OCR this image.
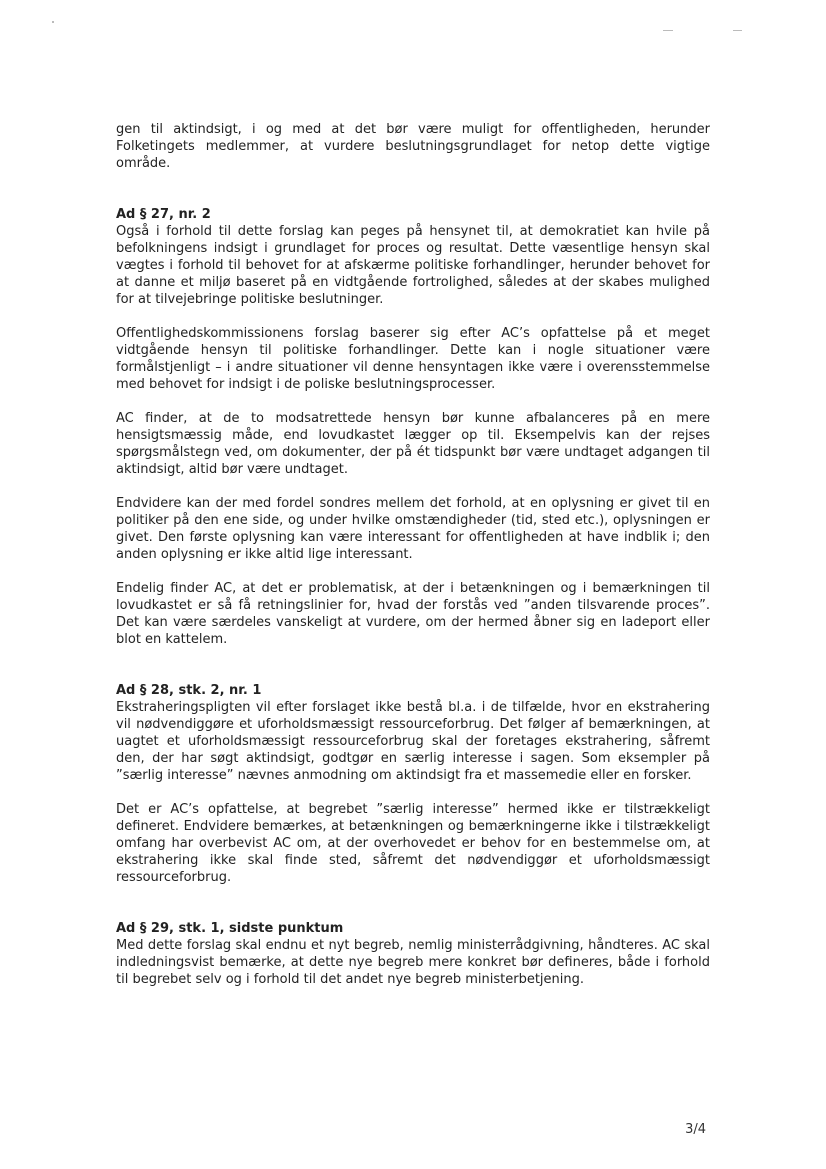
gen til aktindsigt, i og med at det bør være muligt for offentligheden, herunder Folketingets medlemmer, at vurdere beslutningsgrundlaget for netop dette vigtige område.

Ad § 27, nr. 2

Også i forhold til dette forslag kan peges på hensynet til, at demokratiet kan hvile på befolkningens indsigt i grundlaget for proces og resultat. Dette væsentlige hensyn skal vægtes i forhold til behovet for at afskærme politiske forhandlinger, herunder behovet for at danne et miljø baseret på en vidtgående fortrolighed, således at der skabes mulighed for at tilvejebringe politiske beslutninger.

Offentlighedskommissionens forslag baserer sig efter AC’s opfattelse på et meget vidtgående hensyn til politiske forhandlinger. Dette kan i nogle situationer være formålstjenligt – i andre situationer vil denne hensyntagen ikke være i overensstemmelse med behovet for indsigt i de poliske beslutningsprocesser.

AC finder, at de to modsatrettede hensyn bør kunne afbalanceres på en mere hensigtsmæssig måde, end lovudkastet lægger op til. Eksempelvis kan der rejses spørgsmålstegn ved, om dokumenter, der på ét tidspunkt bør være undtaget adgangen til aktindsigt, altid bør være undtaget.

Endvidere kan der med fordel sondres mellem det forhold, at en oplysning er givet til en politiker på den ene side, og under hvilke omstændigheder (tid, sted etc.), oplysningen er givet. Den første oplysning kan være interessant for offentligheden at have indblik i; den anden oplysning er ikke altid lige interessant.

Endelig finder AC, at det er problematisk, at der i betænkningen og i bemærkningen til lovudkastet er så få retningslinier for, hvad der forstås ved ”anden tilsvarende proces”. Det kan være særdeles vanskeligt at vurdere, om der hermed åbner sig en ladeport eller blot en kattelem.

Ad § 28, stk. 2, nr. 1

Ekstraheringspligten vil efter forslaget ikke bestå bl.a. i de tilfælde, hvor en ekstrahering vil nødvendiggøre et uforholdsmæssigt ressourceforbrug. Det følger af bemærkningen, at uagtet et uforholdsmæssigt ressourceforbrug skal der foretages ekstrahering, såfremt den, der har søgt aktindsigt, godtgør en særlig interesse i sagen. Som eksempler på ”særlig interesse” nævnes anmodning om aktindsigt fra et massemedie eller en forsker.

Det er AC’s opfattelse, at begrebet ”særlig interesse” hermed ikke er tilstrækkeligt defineret. Endvidere bemærkes, at betænkningen og bemærkningerne ikke i tilstrækkeligt omfang har overbevist AC om, at der overhovedet er behov for en bestemmelse om, at ekstrahering ikke skal finde sted, såfremt det nødvendiggør et uforholdsmæssigt ressourceforbrug.

Ad § 29, stk. 1, sidste punktum

Med dette forslag skal endnu et nyt begreb, nemlig ministerrådgivning, håndteres. AC skal indledningsvist bemærke, at dette nye begreb mere konkret bør defineres, både i forhold til begrebet selv og i forhold til det andet nye begreb ministerbetjening.

3/4
